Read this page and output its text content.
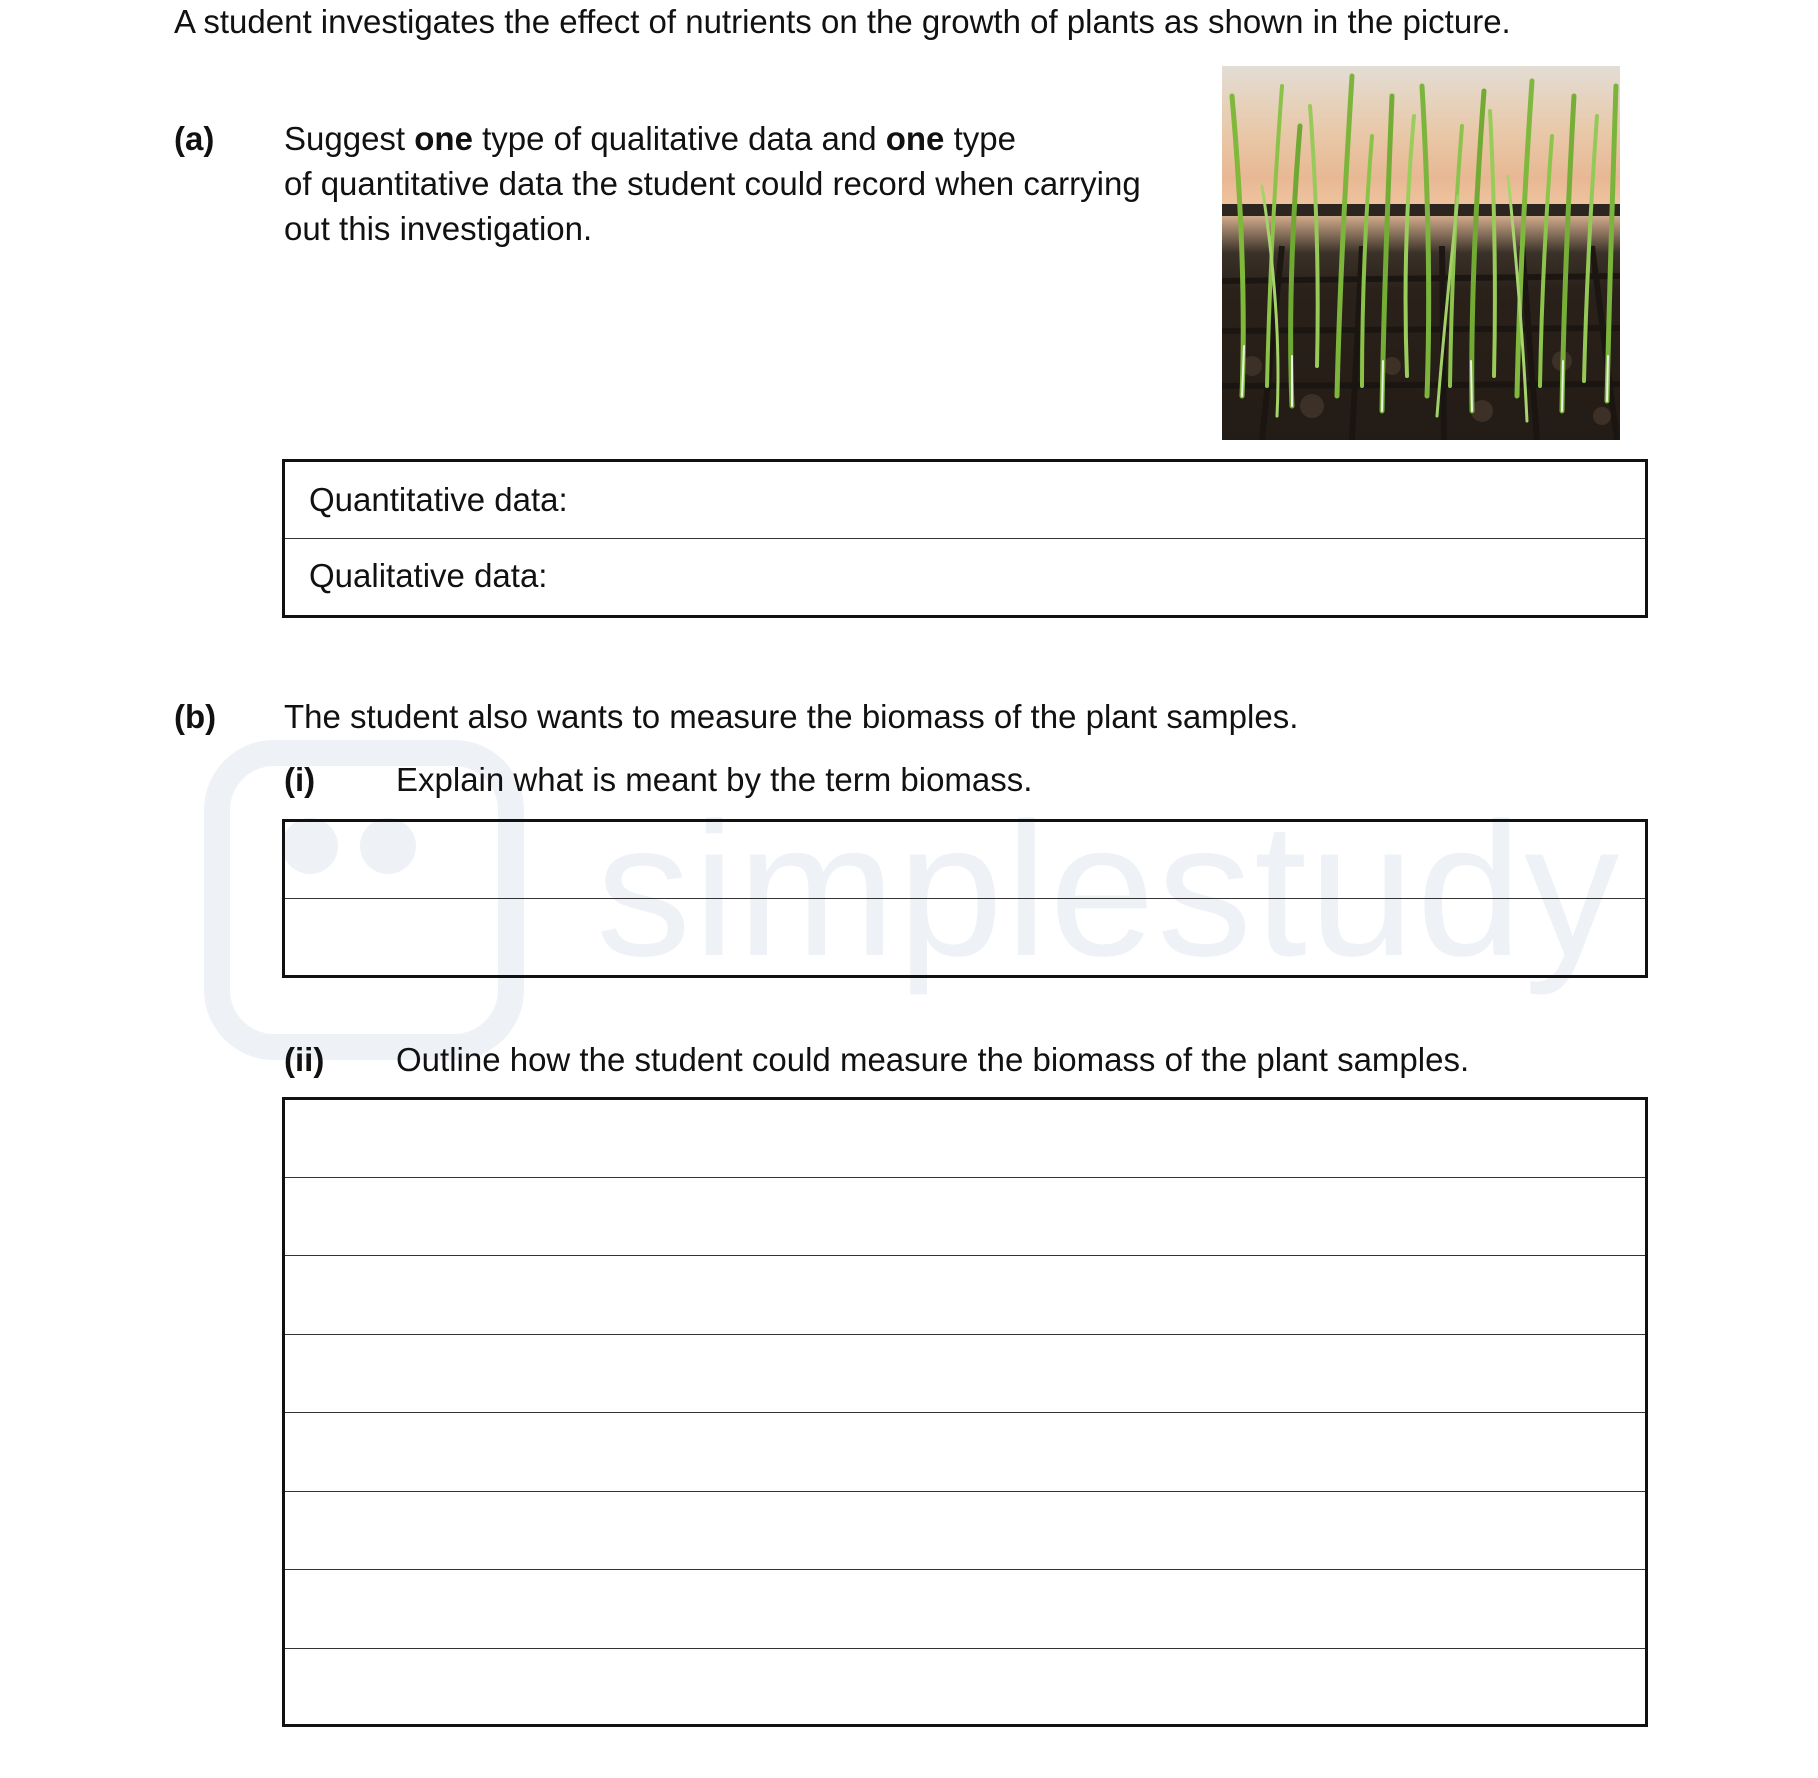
simplestudy
A student investigates the effect of nutrients on the growth of plants as shown in the picture.
(a) Suggest one type of qualitative data and one type
of quantitative data the student could record when carrying
out this investigation.
Quantitative data:
Qualitative data:
(b) The student also wants to measure the biomass of the plant samples.
(i) Explain what is meant by the term biomass.
(ii) Outline how the student could measure the biomass of the plant samples.
